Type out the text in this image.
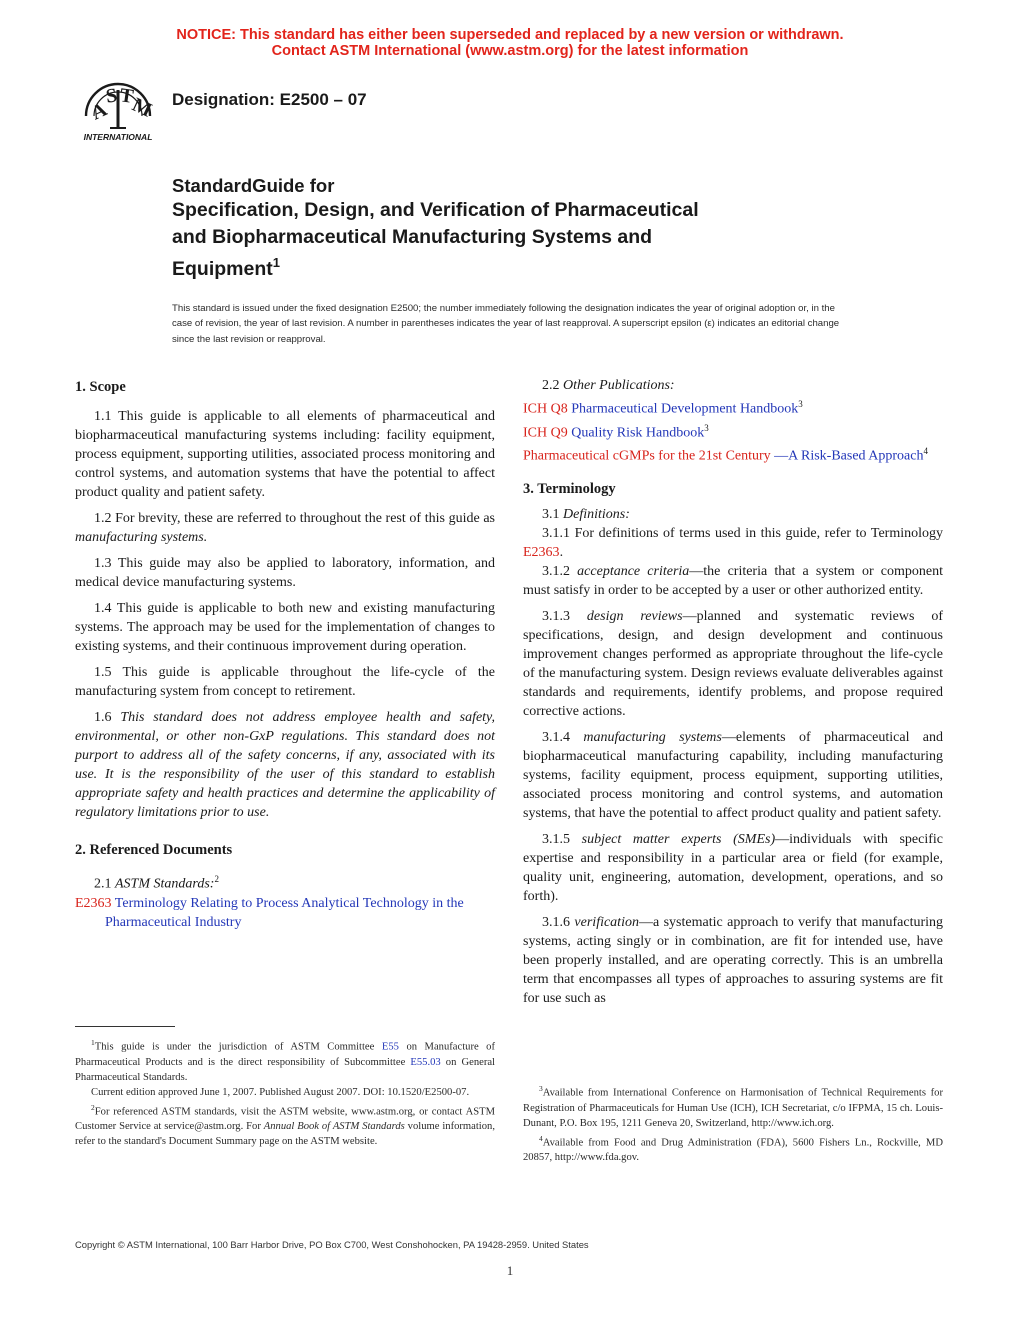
NOTICE: This standard has either been superseded and replaced by a new version or withdrawn.
Contact ASTM International (www.astm.org) for the latest information
A
S T
M
INTERNATIONAL
Designation: E2500 – 07
StandardGuide for
Specification, Design, and Verification of Pharmaceutical
and Biopharmaceutical Manufacturing Systems and
Equipment$^1$
This standard is issued under the fixed designation E2500; the number immediately following the designation indicates the year of original adoption or, in the case of revision, the year of last revision. A number in parentheses indicates the year of last reapproval. A superscript epsilon (ε) indicates an editorial change since the last revision or reapproval.
1. Scope

1.1 This guide is applicable to all elements of pharmaceutical and biopharmaceutical manufacturing systems including: facility equipment, process equipment, supporting utilities, associated process monitoring and control systems, and automation systems that have the potential to affect product quality and patient safety.

1.2 For brevity, these are referred to throughout the rest of this guide as manufacturing systems.

1.3 This guide may also be applied to laboratory, information, and medical device manufacturing systems.

1.4 This guide is applicable to both new and existing manufacturing systems. The approach may be used for the implementation of changes to existing systems, and their continuous improvement during operation.

1.5 This guide is applicable throughout the life-cycle of the manufacturing system from concept to retirement.

1.6 This standard does not address employee health and safety, environmental, or other non-GxP regulations. This standard does not purport to address all of the safety concerns, if any, associated with its use. It is the responsibility of the user of this standard to establish appropriate safety and health practices and determine the applicability of regulatory limitations prior to use.

2. Referenced Documents

2.1 ASTM Standards:$^2$

E2363 Terminology Relating to Process Analytical Technology in the Pharmaceutical Industry

2.2 Other Publications:

ICH Q8 Pharmaceutical Development Handbook$^3$

ICH Q9 Quality Risk Handbook$^3$

Pharmaceutical cGMPs for the 21st Century —A Risk-Based Approach$^4$

3. Terminology

3.1 Definitions:

3.1.1 For definitions of terms used in this guide, refer to Terminology E2363.

3.1.2 acceptance criteria—the criteria that a system or component must satisfy in order to be accepted by a user or other authorized entity.

3.1.3 design reviews—planned and systematic reviews of specifications, design, and design development and continuous improvement changes performed as appropriate throughout the life-cycle of the manufacturing system. Design reviews evaluate deliverables against standards and requirements, identify problems, and propose required corrective actions.

3.1.4 manufacturing systems—elements of pharmaceutical and biopharmaceutical manufacturing capability, including manufacturing systems, facility equipment, process equipment, supporting utilities, associated process monitoring and control systems, and automation systems, that have the potential to affect product quality and patient safety.

3.1.5 subject matter experts (SMEs)—individuals with specific expertise and responsibility in a particular area or field (for example, quality unit, engineering, automation, development, operations, and so forth).

3.1.6 verification—a systematic approach to verify that manufacturing systems, acting singly or in combination, are fit for intended use, have been properly installed, and are operating correctly. This is an umbrella term that encompasses all types of approaches to assuring systems are fit for use such as

$^1$This guide is under the jurisdiction of ASTM Committee E55 on Manufacture of Pharmaceutical Products and is the direct responsibility of Subcommittee E55.03 on General Pharmaceutical Standards.

Current edition approved June 1, 2007. Published August 2007. DOI: 10.1520/E2500-07.

$^2$For referenced ASTM standards, visit the ASTM website, www.astm.org, or contact ASTM Customer Service at service@astm.org. For Annual Book of ASTM Standards volume information, refer to the standard's Document Summary page on the ASTM website.

$^3$Available from International Conference on Harmonisation of Technical Requirements for Registration of Pharmaceuticals for Human Use (ICH), ICH Secretariat, c/o IFPMA, 15 ch. Louis-Dunant, P.O. Box 195, 1211 Geneva 20, Switzerland, http://www.ich.org.

$^4$Available from Food and Drug Administration (FDA), 5600 Fishers Ln., Rockville, MD 20857, http://www.fda.gov.

Copyright © ASTM International, 100 Barr Harbor Drive, PO Box C700, West Conshohocken, PA 19428-2959. United States
1
